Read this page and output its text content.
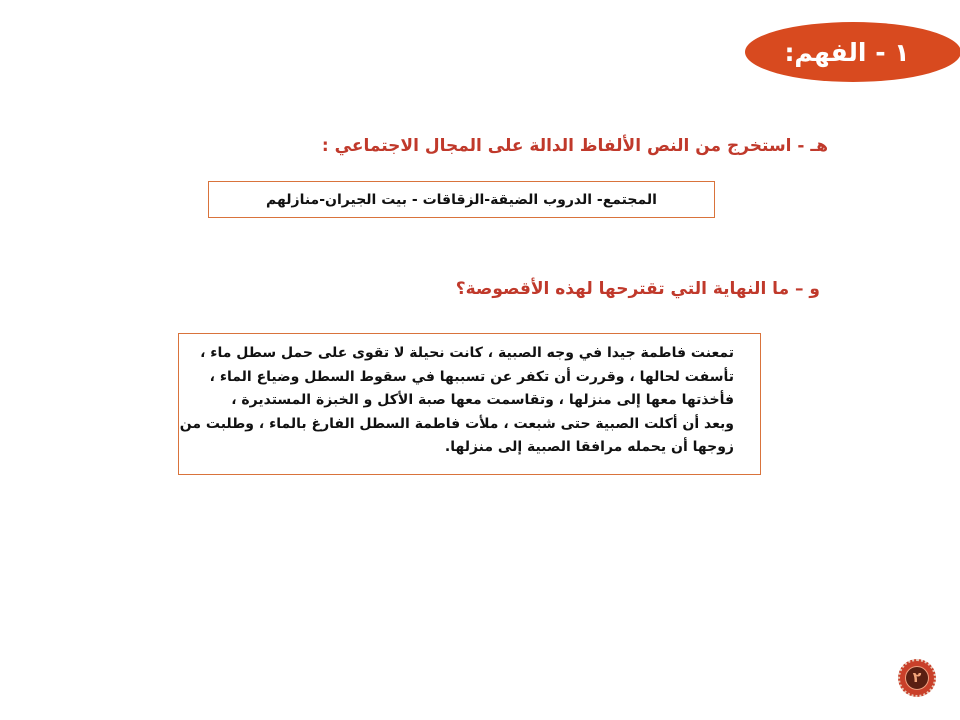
١ - الفهم:
هـ - استخرج من النص الألفاظ الدالة على المجال الاجتماعي :
المجتمع- الدروب الضيقة-الزقاقات - بيت الجيران-منازلهم
و – ما النهاية التي تقترحها لهذه الأقصوصة؟
تمعنت فاطمة جيدا في وجه الصبية ، كانت نحيلة لا تقوى على حمل سطل ماء ،
تأسفت لحالها ، وقررت أن تكفر عن تسببها في سقوط السطل وضياع الماء ،
فأخذتها معها إلى منزلها ، وتقاسمت معها صبة الأكل و الخبزة المستديرة ،
وبعد أن أكلت الصبية حتى شبعت ، ملأت فاطمة السطل الفارغ بالماء ، وطلبت من
زوجها أن يحمله مرافقا الصبية إلى منزلها.
٢
